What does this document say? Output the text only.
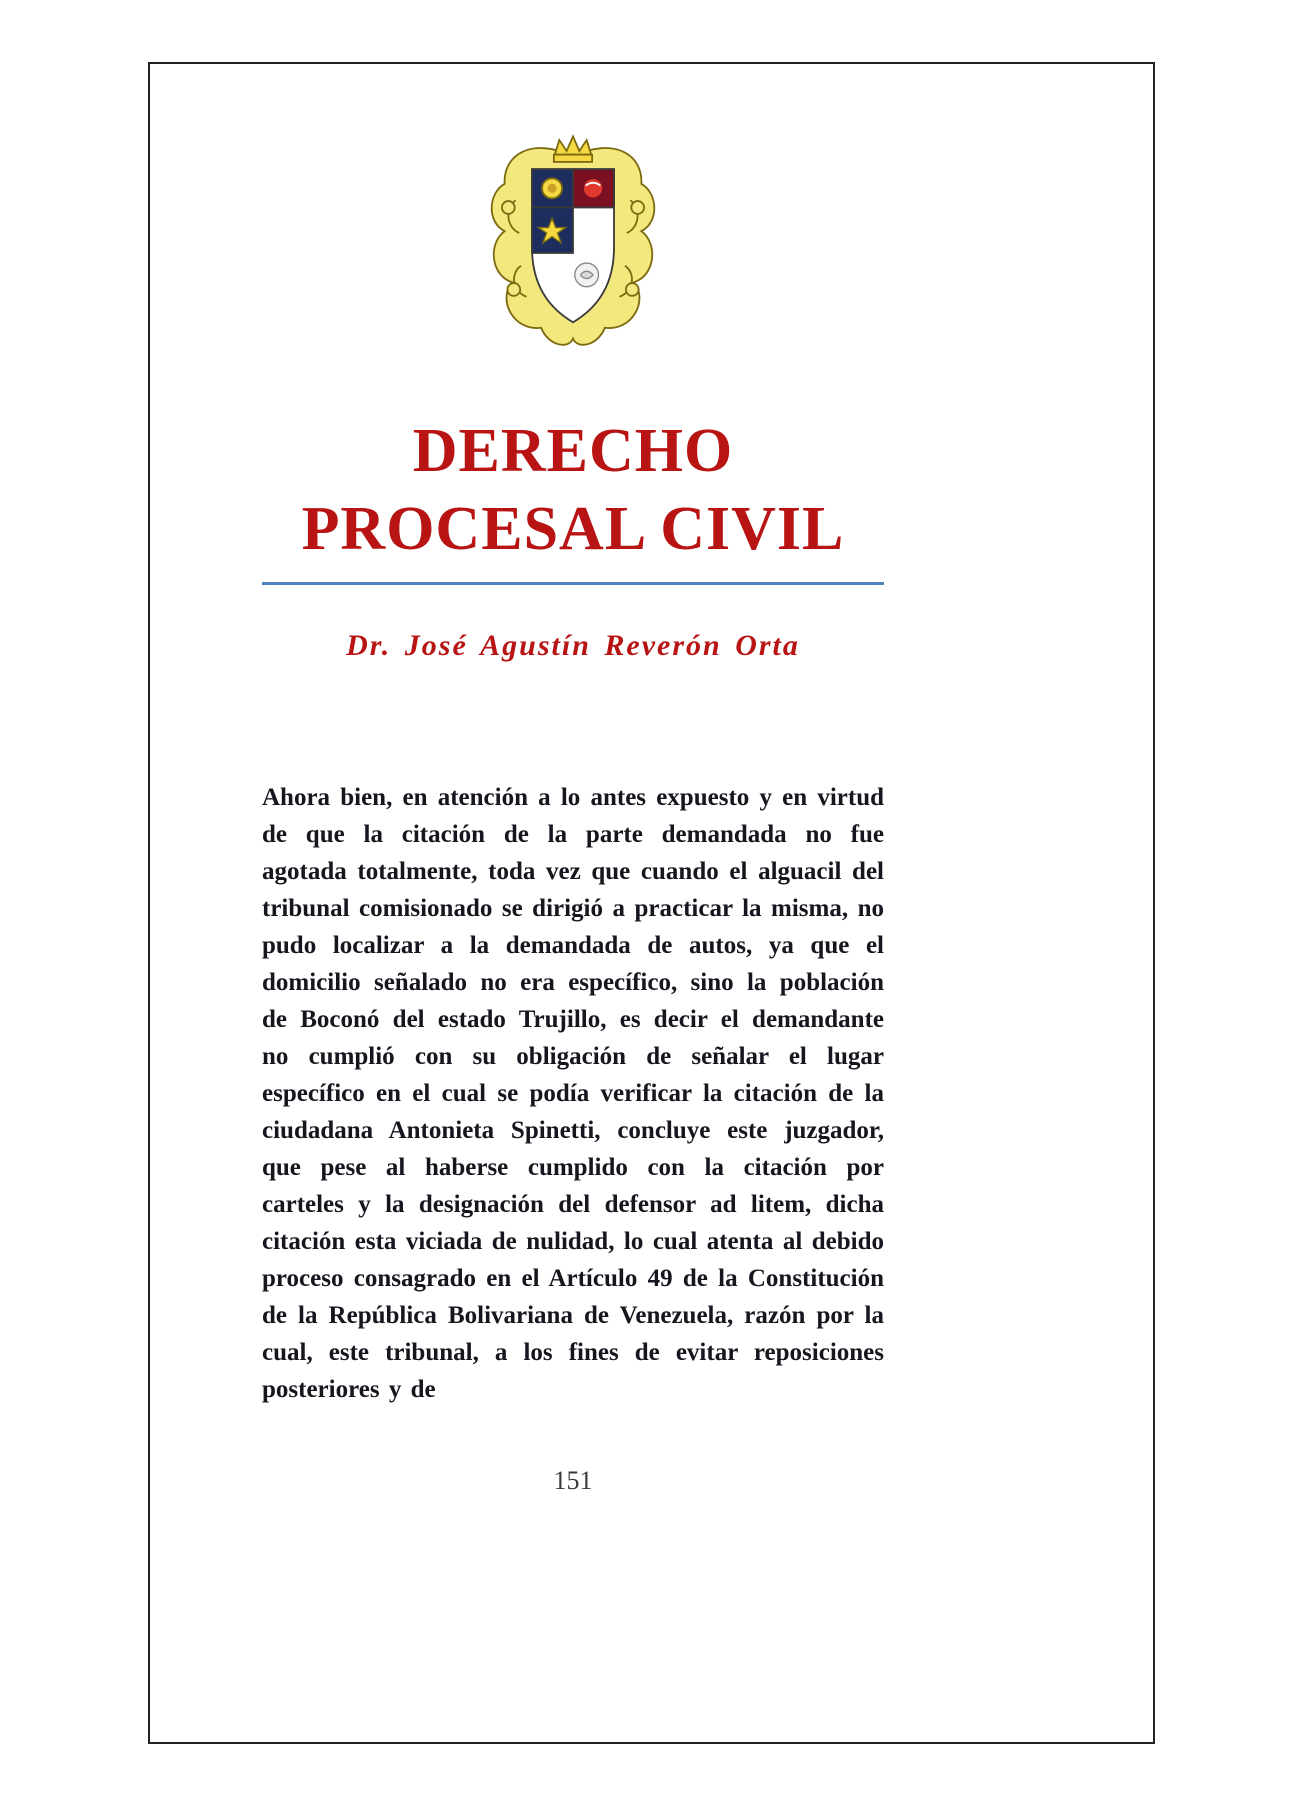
DERECHO
PROCESAL CIVIL
Dr. José Agustín Reverón Orta

Ahora bien, en atención a lo antes expuesto y en virtud de que la citación de la parte demandada no fue agotada totalmente, toda vez que cuando el alguacil del tribunal comisionado se dirigió a practicar la misma, no pudo localizar a la demandada de autos, ya que el domicilio señalado no era específico, sino la población de Boconó del estado Trujillo, es decir el demandante no cumplió con su obligación de señalar el lugar específico en el cual se podía verificar la citación de la ciudadana Antonieta Spinetti, concluye este juzgador, que pese al haberse cumplido con la citación por carteles y la designación del defensor ad litem, dicha citación esta viciada de nulidad, lo cual atenta al debido proceso consagrado en el Artículo 49 de la Constitución de la República Bolivariana de Venezuela, razón por la cual, este tribunal, a los fines de evitar reposiciones posteriores y de

151
